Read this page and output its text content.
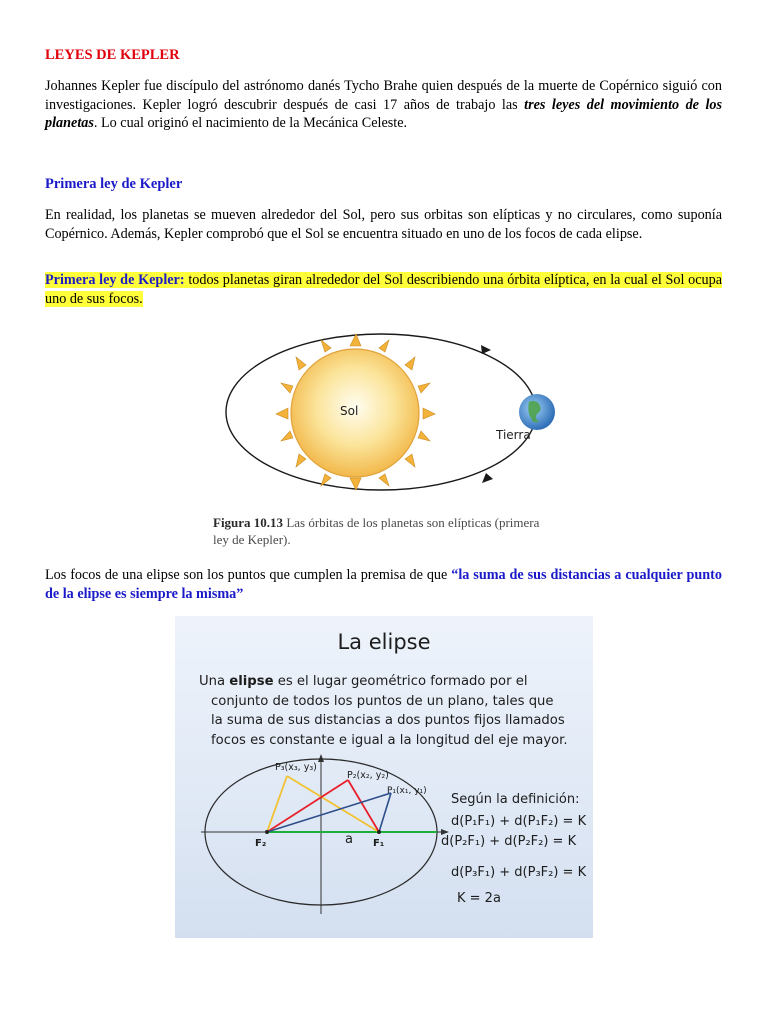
LEYES DE KEPLER
Johannes Kepler fue discípulo del astrónomo danés Tycho Brahe quien después de la muerte de Copérnico siguió con investigaciones. Kepler logró descubrir después de casi 17 años de trabajo las tres leyes del movimiento de los planetas. Lo cual originó el nacimiento de la Mecánica Celeste.
Primera ley de Kepler
En realidad, los planetas se mueven alrededor del Sol, pero sus orbitas son elípticas y no circulares, como suponía Copérnico. Además, Kepler comprobó que el Sol se encuentra situado en uno de los focos de cada elipse.
Primera ley de Kepler: todos planetas giran alrededor del Sol describiendo una órbita elíptica, en la cual el Sol ocupa uno de sus focos.
Sol
Tierra
Figura 10.13 Las órbitas de los planetas son elípticas (primera ley de Kepler).
Los focos de una elipse son los puntos que cumplen la premisa de que “la suma de sus distancias a cualquier punto de la elipse es siempre la misma”
La elipse
Una elipse es el lugar geométrico formado por el
conjunto de todos los puntos de un plano, tales que
la suma de sus distancias a dos puntos fijos llamados
focos es constante e igual a la longitud del eje mayor.
P₃(x₃, y₃)
P₂(x₂, y₂)
P₁(x₁, y₁)
F₂	F₁
a
Según la definición:
d(P₁F₁) + d(P₁F₂) = K
d(P₂F₁) + d(P₂F₂) = K
d(P₃F₁) + d(P₃F₂) = K
K = 2a
